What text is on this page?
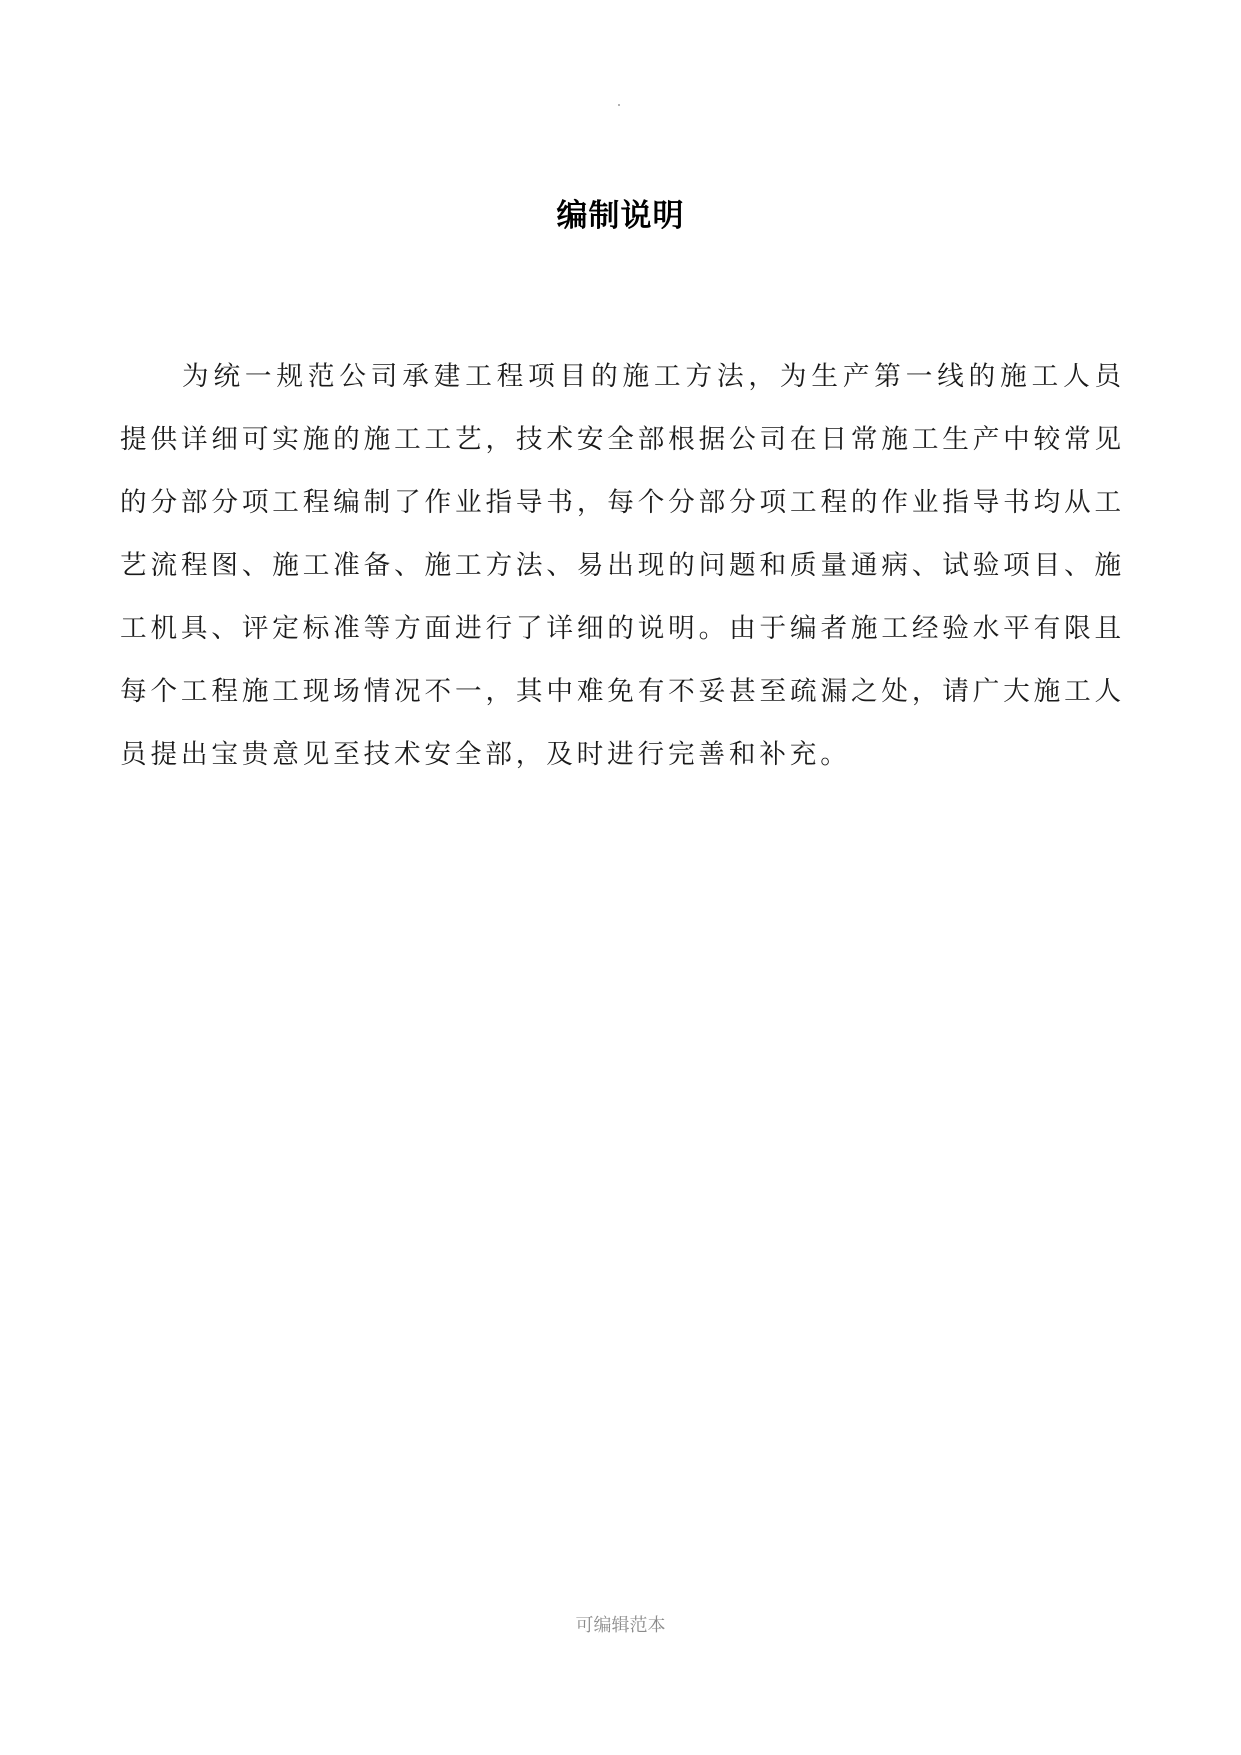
编制说明

为统一规范公司承建工程项目的施工方法，为生产第一线的施工人员提供详细可实施的施工工艺，技术安全部根据公司在日常施工生产中较常见的分部分项工程编制了作业指导书，每个分部分项工程的作业指导书均从工艺流程图、施工准备、施工方法、易出现的问题和质量通病、试验项目、施工机具、评定标准等方面进行了详细的说明。由于编者施工经验水平有限且每个工程施工现场情况不一，其中难免有不妥甚至疏漏之处，请广大施工人员提出宝贵意见至技术安全部，及时进行完善和补充。

可编辑范本
